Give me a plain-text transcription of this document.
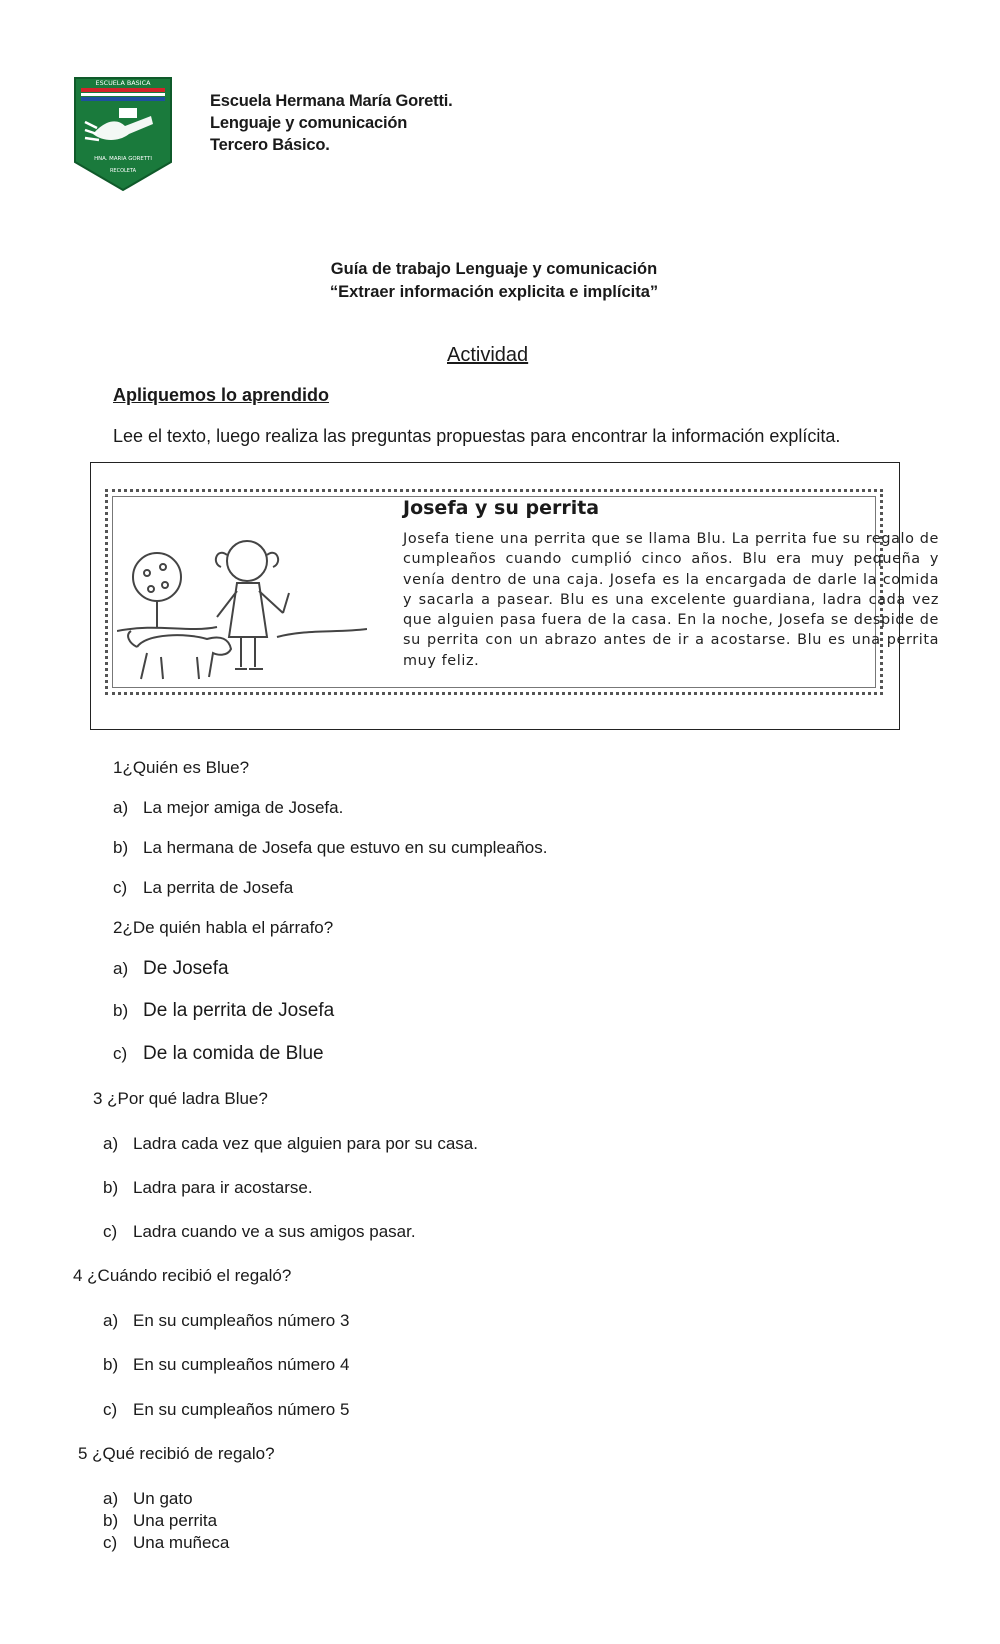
ESCUELA BASICA
HNA. MARIA GORETTI
RECOLETA
Escuela Hermana María Goretti.
Lenguaje y comunicación
Tercero Básico.
Guía de trabajo Lenguaje y comunicación
“Extraer información explicita e implícita”
Actividad
Apliquemos lo aprendido
Lee el texto, luego realiza las preguntas propuestas para encontrar la información explícita.
Josefa y su perrita
Josefa tiene una perrita que se llama Blu. La perrita fue su regalo de cumpleaños cuando cumplió cinco años. Blu era muy pequeña y venía dentro de una caja. Josefa es la encargada de darle la comida y sacarla a pasear. Blu es una excelente guardiana, ladra cada vez que alguien pasa fuera de la casa. En la noche, Josefa se despide de su perrita con un abrazo antes de ir a acostarse. Blu es una perrita muy feliz.
1¿Quién es Blue?
a) La mejor amiga de Josefa.
b) La hermana de Josefa que estuvo en su cumpleaños.
c) La perrita de Josefa
2¿De quién habla el párrafo?
a) De Josefa
b) De la perrita de Josefa
c) De la comida de Blue
3 ¿Por qué ladra Blue?
a) Ladra cada vez que alguien para por su casa.
b) Ladra para ir acostarse.
c) Ladra cuando ve a sus amigos pasar.
4 ¿Cuándo recibió el regaló?
a) En su cumpleaños número 3
b) En su cumpleaños número 4
c) En su cumpleaños número 5
5 ¿Qué recibió de regalo?
a) Un gato
b) Una perrita
c) Una muñeca
